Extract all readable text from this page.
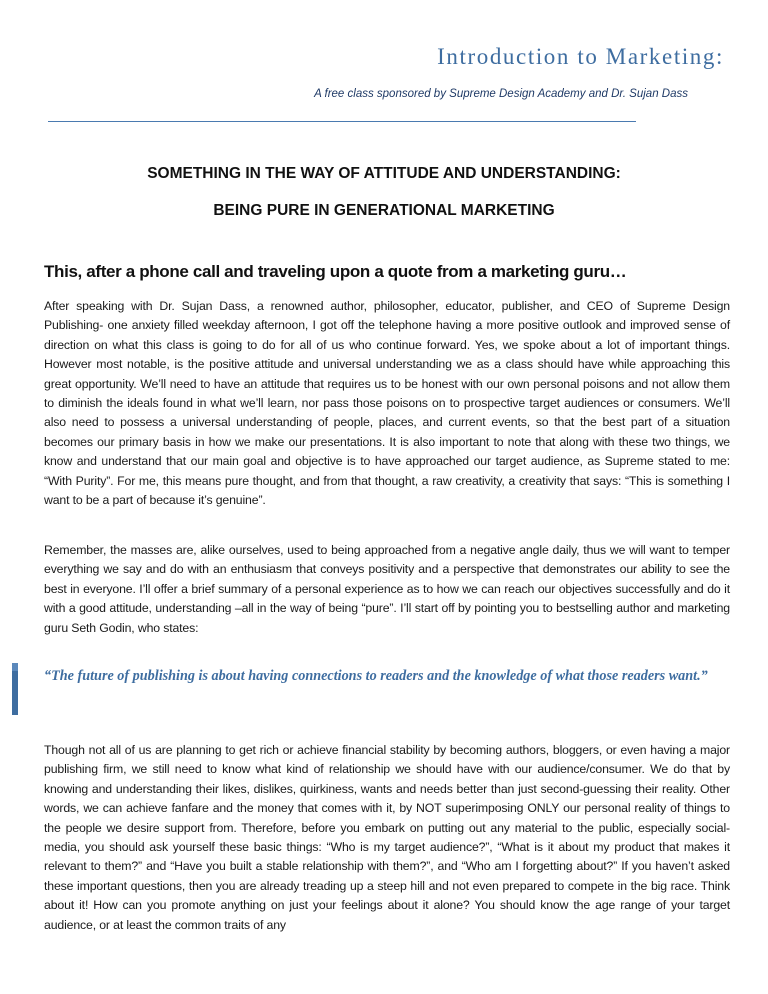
Introduction to Marketing:
A free class sponsored by Supreme Design Academy and Dr. Sujan Dass
SOMETHING IN THE WAY OF ATTITUDE AND UNDERSTANDING:
BEING PURE IN GENERATIONAL MARKETING
This, after a phone call and traveling upon a quote from a marketing guru…

After speaking with Dr. Sujan Dass, a renowned author, philosopher, educator, publisher, and CEO of Supreme Design Publishing- one anxiety filled weekday afternoon, I got off the telephone having a more positive outlook and improved sense of direction on what this class is going to do for all of us who continue forward. Yes, we spoke about a lot of important things. However most notable, is the positive attitude and universal understanding we as a class should have while approaching this great opportunity. We’ll need to have an attitude that requires us to be honest with our own personal poisons and not allow them to diminish the ideals found in what we’ll learn, nor pass those poisons on to prospective target audiences or consumers. We’ll also need to possess a universal understanding of people, places, and current events, so that the best part of a situation becomes our primary basis in how we make our presentations. It is also important to note that along with these two things, we know and understand that our main goal and objective is to have approached our target audience, as Supreme stated to me: “With Purity”. For me, this means pure thought, and from that thought, a raw creativity, a creativity that says: “This is something I want to be a part of because it’s genuine”.

Remember, the masses are, alike ourselves, used to being approached from a negative angle daily, thus we will want to temper everything we say and do with an enthusiasm that conveys positivity and a perspective that demonstrates our ability to see the best in everyone. I’ll offer a brief summary of a personal experience as to how we can reach our objectives successfully and do it with a good attitude, understanding –all in the way of being “pure”. I’ll start off by pointing you to bestselling author and marketing guru Seth Godin, who states:

“The future of publishing is about having connections to readers and the knowledge of what those readers want.”

Though not all of us are planning to get rich or achieve financial stability by becoming authors, bloggers, or even having a major publishing firm, we still need to know what kind of relationship we should have with our audience/consumer. We do that by knowing and understanding their likes, dislikes, quirkiness, wants and needs better than just second-guessing their reality. Other words, we can achieve fanfare and the money that comes with it, by NOT superimposing ONLY our personal reality of things to the people we desire support from. Therefore, before you embark on putting out any material to the public, especially social-media, you should ask yourself these basic things: “Who is my target audience?”, “What is it about my product that makes it relevant to them?” and “Have you built a stable relationship with them?”, and “Who am I forgetting about?” If you haven’t asked these important questions, then you are already treading up a steep hill and not even prepared to compete in the big race. Think about it! How can you promote anything on just your feelings about it alone? You should know the age range of your target audience, or at least the common traits of any
